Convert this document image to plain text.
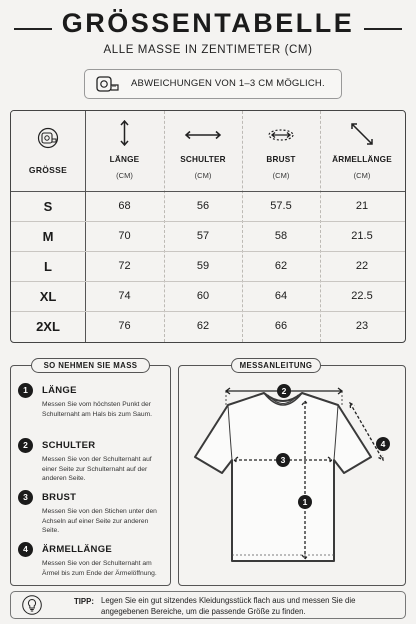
GRÖSSENTABELLE
ALLE MASSE IN ZENTIMETER (CM)
ABWEICHUNGEN VON 1–3 CM MÖGLICH.
GRÖSSE
LÄNGE
(CM)
SCHULTER
(CM)
BRUST
(CM)
ÄRMELLÄNGE
(CM)
S	68	56	57.5	21
M	70	57	58	21.5
L	72	59	62	22
XL	74	60	64	22.5
2XL	76	62	66	23
SO NEHMEN SIE MASS
1	LÄNGE
Messen Sie vom höchsten Punkt der Schulternaht am Hals bis zum Saum.
2	SCHULTER
Messen Sie von der Schulternaht auf einer Seite zur Schulternaht auf der anderen Seite.
3	BRUST
Messen Sie von den Stichen unter den Achseln auf einer Seite zur anderen Seite.
4	ÄRMELLÄNGE
Messen Sie von der Schulternaht am Ärmel bis zum Ende der Ärmelöffnung.
MESSANLEITUNG
2
3
1
4
TIPP: Legen Sie ein gut sitzendes Kleidungsstück flach aus und messen Sie die angegebenen Bereiche, um die passende Größe zu finden.
